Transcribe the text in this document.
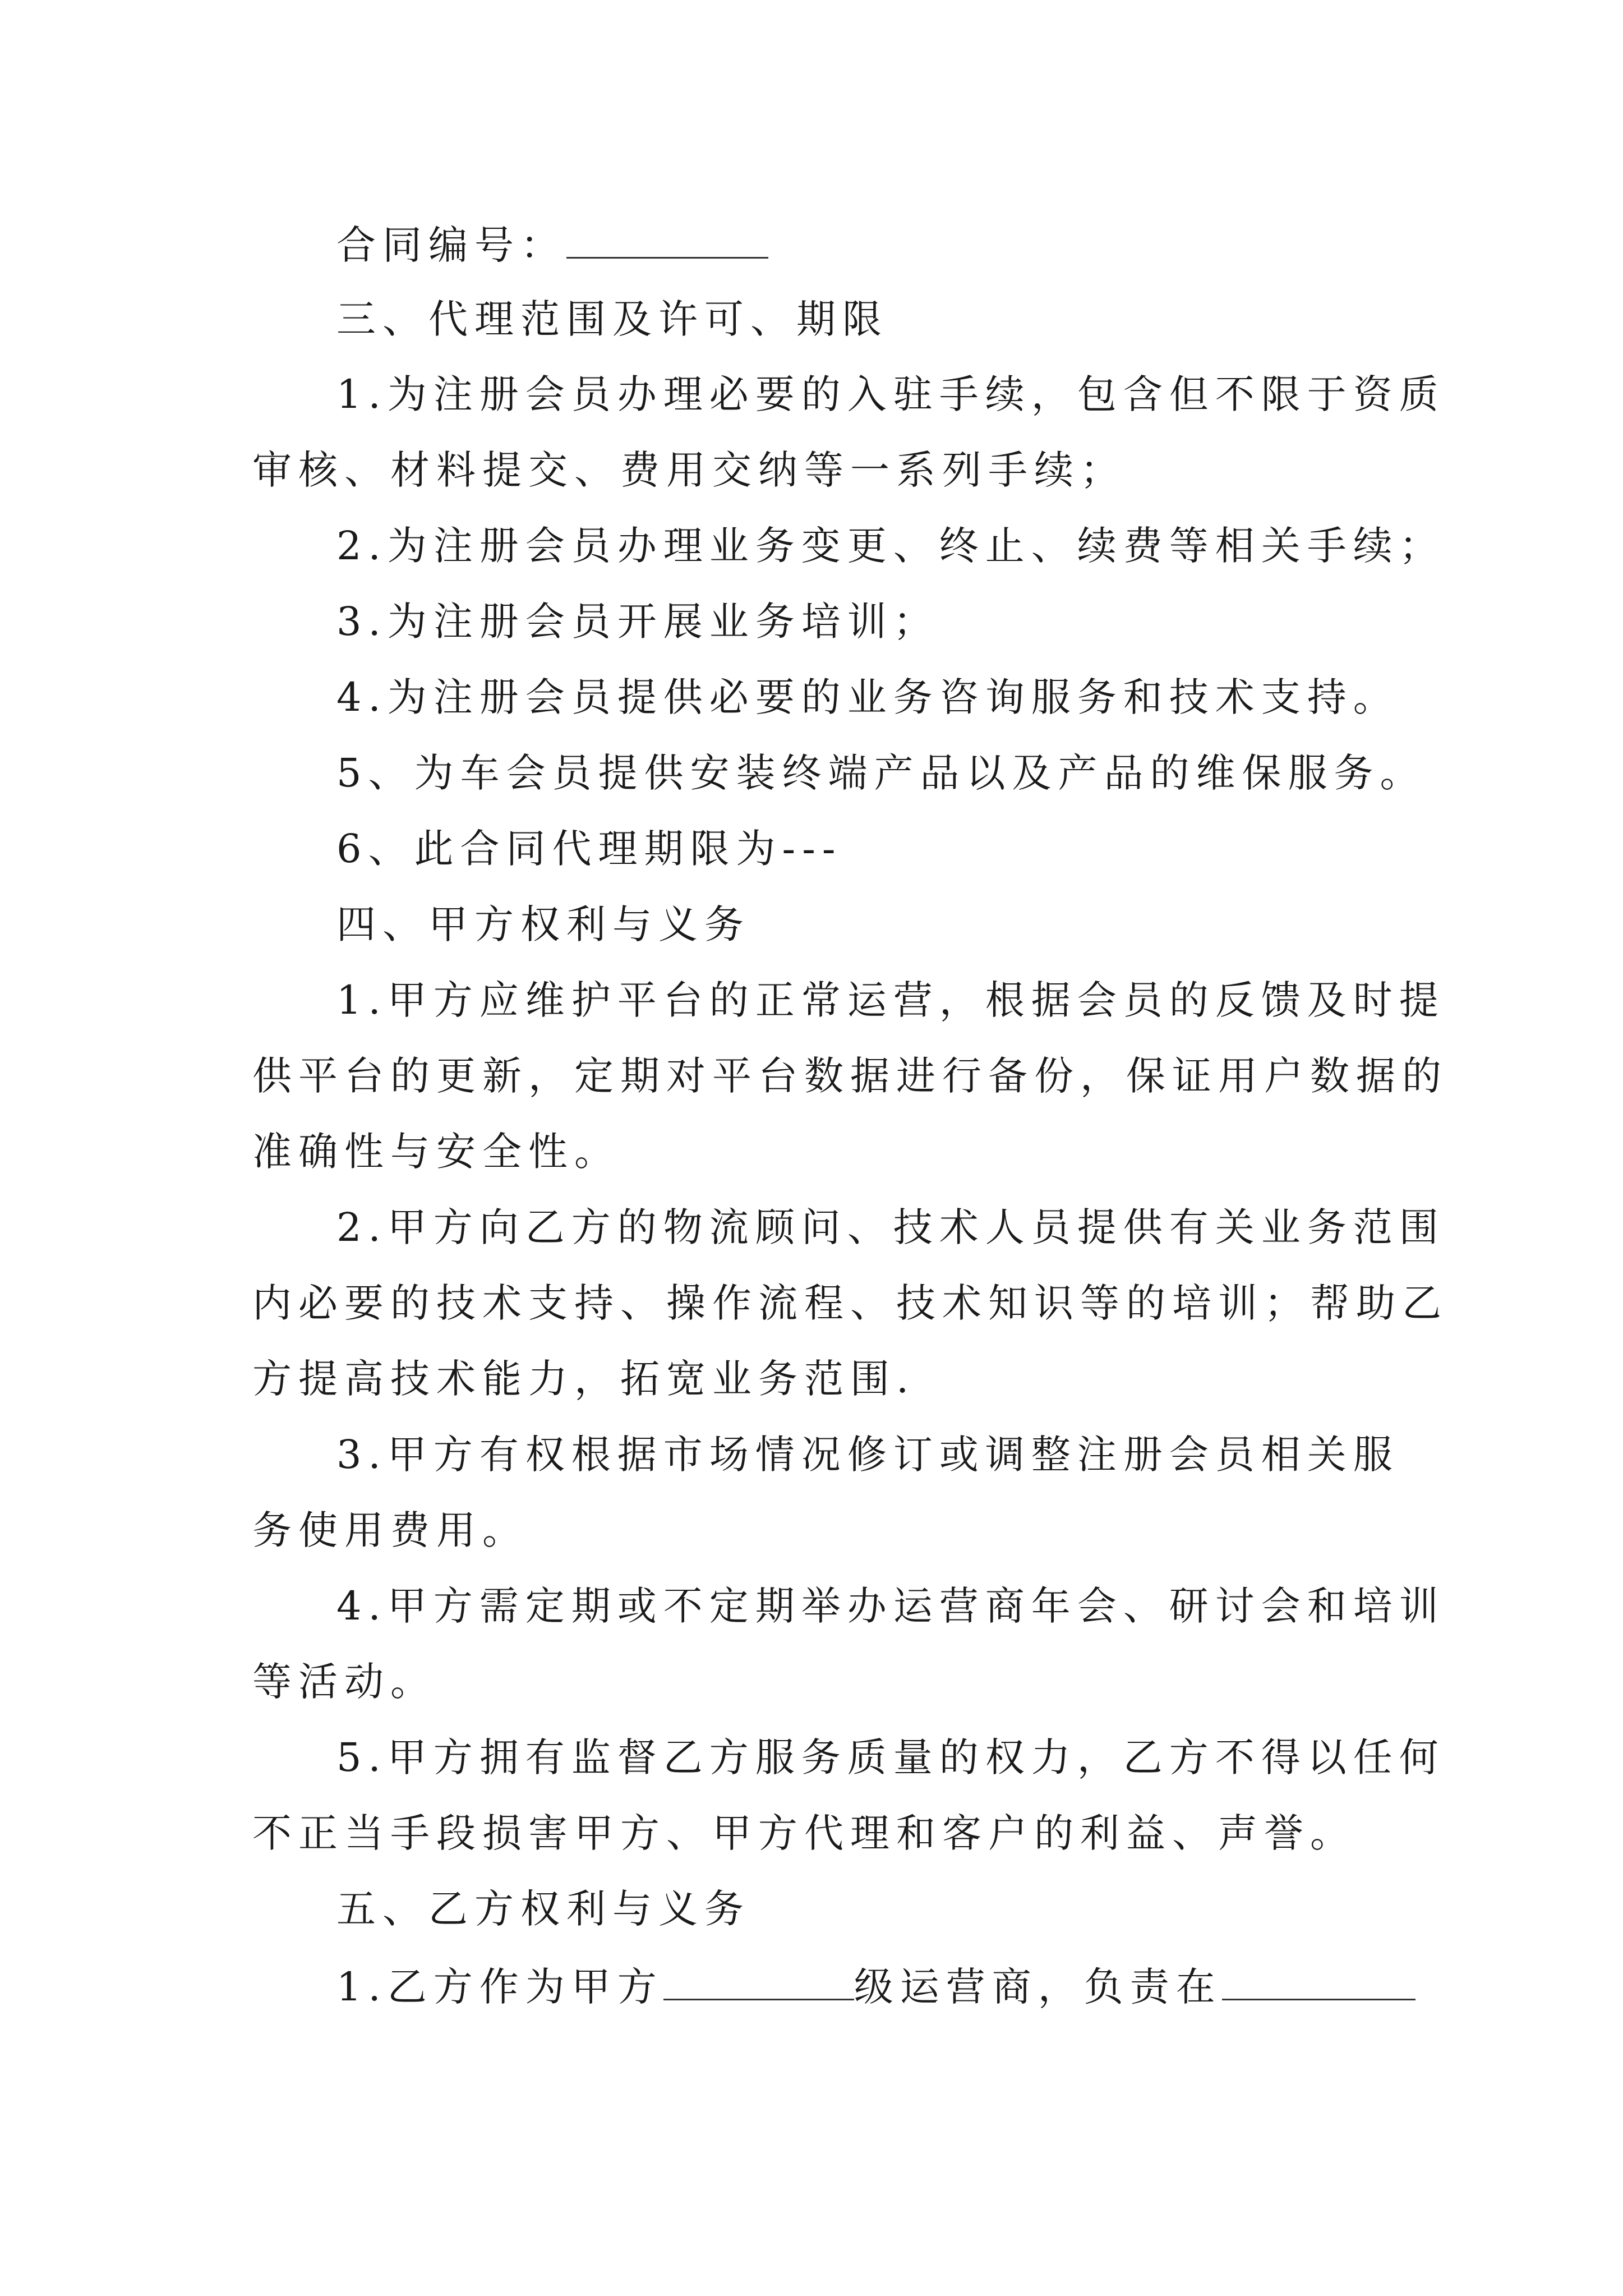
合同编号：
三、代理范围及许可、期限
1.为注册会员办理必要的入驻手续，包含但不限于资质
审核、材料提交、费用交纳等一系列手续；
2.为注册会员办理业务变更、终止、续费等相关手续；
3.为注册会员开展业务培训；
4.为注册会员提供必要的业务咨询服务和技术支持。
5、为车会员提供安装终端产品以及产品的维保服务。
6、此合同代理期限为---
四、甲方权利与义务
1.甲方应维护平台的正常运营，根据会员的反馈及时提
供平台的更新，定期对平台数据进行备份，保证用户数据的
准确性与安全性。
2.甲方向乙方的物流顾问、技术人员提供有关业务范围
内必要的技术支持、操作流程、技术知识等的培训；帮助乙
方提高技术能力，拓宽业务范围.
3.甲方有权根据市场情况修订或调整注册会员相关服
务使用费用。
4.甲方需定期或不定期举办运营商年会、研讨会和培训
等活动。
5.甲方拥有监督乙方服务质量的权力，乙方不得以任何
不正当手段损害甲方、甲方代理和客户的利益、声誉。
五、乙方权利与义务
1.乙方作为甲方	级运营商，负责在
